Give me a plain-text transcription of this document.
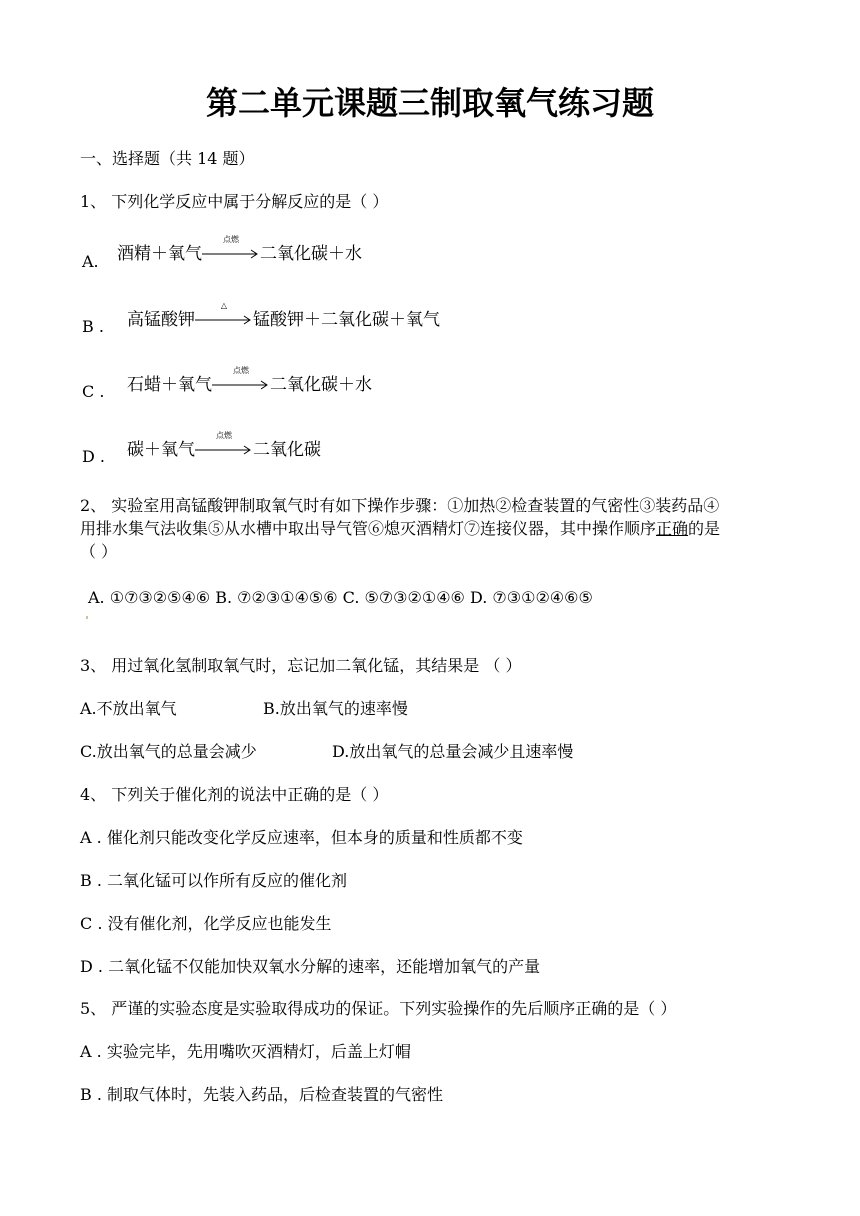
第二单元课题三制取氧气练习题
一、选择题（共 14 题）
1、 下列化学反应中属于分解反应的是（ ）
A. 酒精＋氧气
点燃
二氧化碳＋水
B . 高锰酸钾
△
锰酸钾＋二氧化碳＋氧气
C . 石蜡＋氧气
点燃
二氧化碳＋水
D . 碳＋氧气
点燃
二氧化碳
2、 实验室用高锰酸钾制取氧气时有如下操作步骤：①加热②检查装置的气密性③装药品④
用排水集气法收集⑤从水槽中取出导气管⑥熄灭酒精灯⑦连接仪器，其中操作顺序正确的是
（ ）
A. ①⑦③②⑤④⑥ B. ⑦②③①④⑤⑥ C. ⑤⑦③②①④⑥ D. ⑦③①②④⑥⑤
3、 用过氧化氢制取氧气时，忘记加二氧化锰，其结果是 （ ）
A.不放出氧气	B.放出氧气的速率慢
C.放出氧气的总量会减少	D.放出氧气的总量会减少且速率慢
4、 下列关于催化剂的说法中正确的是（ ）
A . 催化剂只能改变化学反应速率，但本身的质量和性质都不变
B . 二氧化锰可以作所有反应的催化剂
C . 没有催化剂，化学反应也能发生
D . 二氧化锰不仅能加快双氧水分解的速率，还能增加氧气的产量
5、 严谨的实验态度是实验取得成功的保证。下列实验操作的先后顺序正确的是（ ）
A . 实验完毕，先用嘴吹灭酒精灯，后盖上灯帽
B . 制取气体时，先装入药品，后检查装置的气密性
